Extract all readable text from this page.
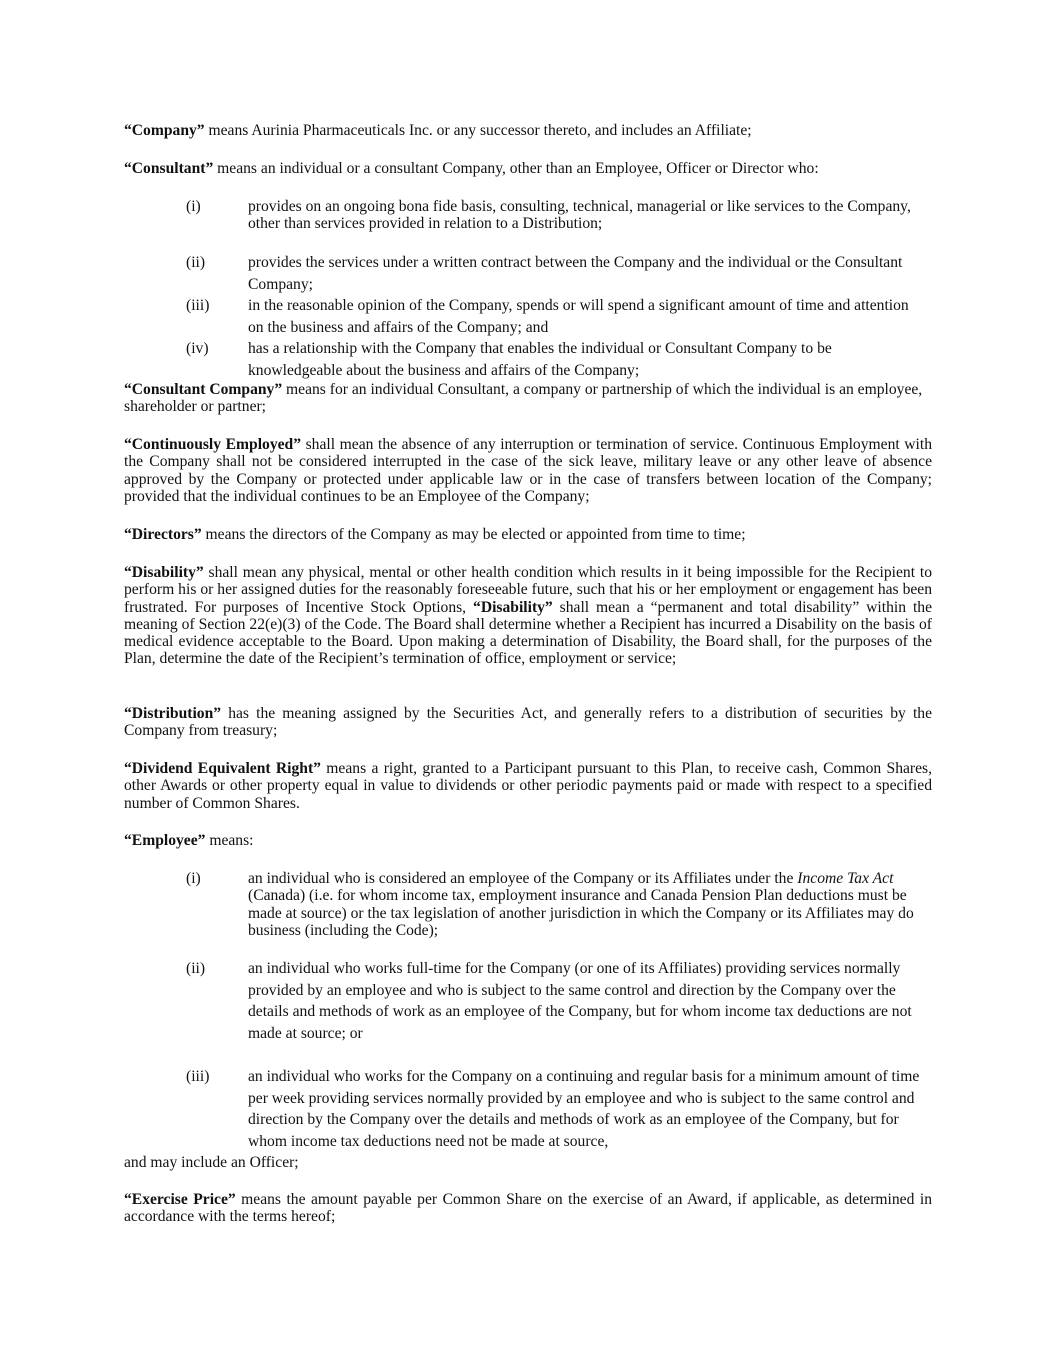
“Company” means Aurinia Pharmaceuticals Inc. or any successor thereto, and includes an Affiliate;

“Consultant” means an individual or a consultant Company, other than an Employee, Officer or Director who:

(i)	provides on an ongoing bona fide basis, consulting, technical, managerial or like services to the Company, other than services provided in relation to a Distribution;
(ii)	provides the services under a written contract between the Company and the individual or the Consultant Company;
(iii) in the reasonable opinion of the Company, spends or will spend a significant amount of time and attention on the business and affairs of the Company; and
(iv)	has a relationship with the Company that enables the individual or Consultant Company to be knowledgeable about the business and affairs of the Company;

“Consultant Company” means for an individual Consultant, a company or partnership of which the individual is an employee, shareholder or partner;

“Continuously Employed” shall mean the absence of any interruption or termination of service. Continuous Employment with the Company shall not be considered interrupted in the case of the sick leave, military leave or any other leave of absence approved by the Company or protected under applicable law or in the case of transfers between location of the Company; provided that the individual continues to be an Employee of the Company;

“Directors” means the directors of the Company as may be elected or appointed from time to time;

“Disability” shall mean any physical, mental or other health condition which results in it being impossible for the Recipient to perform his or her assigned duties for the reasonably foreseeable future, such that his or her employment or engagement has been frustrated. For purposes of Incentive Stock Options, “Disability” shall mean a “permanent and total disability” within the meaning of Section 22(e)(3) of the Code. The Board shall determine whether a Recipient has incurred a Disability on the basis of medical evidence acceptable to the Board. Upon making a determination of Disability, the Board shall, for the purposes of the Plan, determine the date of the Recipient’s termination of office, employment or service;

“Distribution” has the meaning assigned by the Securities Act, and generally refers to a distribution of securities by the Company from treasury;

“Dividend Equivalent Right” means a right, granted to a Participant pursuant to this Plan, to receive cash, Common Shares, other Awards or other property equal in value to dividends or other periodic payments paid or made with respect to a specified number of Common Shares.

“Employee” means:

(i)	an individual who is considered an employee of the Company or its Affiliates under the Income Tax Act (Canada) (i.e. for whom income tax, employment insurance and Canada Pension Plan deductions must be made at source) or the tax legislation of another jurisdiction in which the Company or its Affiliates may do business (including the Code);
(ii)	an individual who works full-time for the Company (or one of its Affiliates) providing services normally provided by an employee and who is subject to the same control and direction by the Company over the details and methods of work as an employee of the Company, but for whom income tax deductions are not made at source; or
(iii) an individual who works for the Company on a continuing and regular basis for a minimum amount of time per week providing services normally provided by an employee and who is subject to the same control and direction by the Company over the details and methods of work as an employee of the Company, but for whom income tax deductions need not be made at source,

and may include an Officer;

“Exercise Price” means the amount payable per Common Share on the exercise of an Award, if applicable, as determined in accordance with the terms hereof;
